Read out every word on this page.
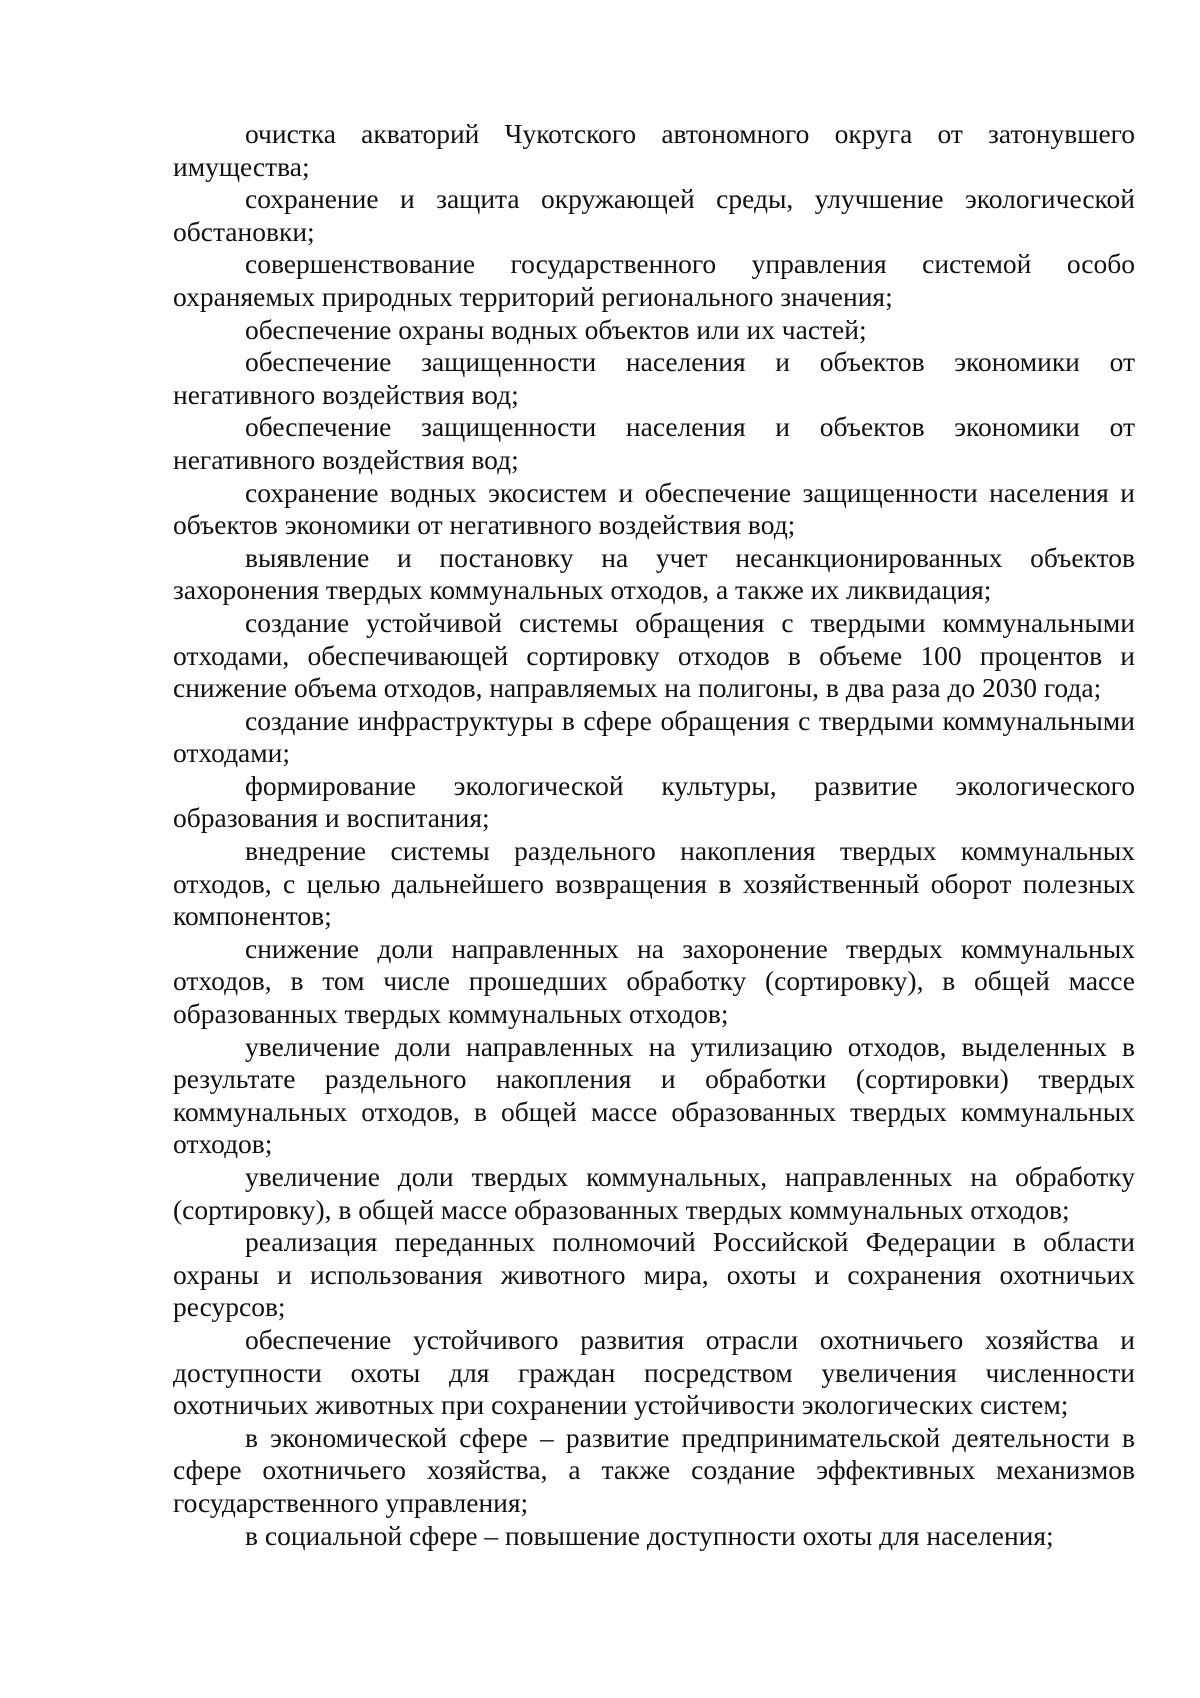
очистка акваторий Чукотского автономного округа от затонувшего имущества;

сохранение и защита окружающей среды, улучшение экологической обстановки;

совершенствование государственного управления системой особо охраняемых природных территорий регионального значения;

обеспечение охраны водных объектов или их частей;

обеспечение защищенности населения и объектов экономики от негативного воздействия вод;

обеспечение защищенности населения и объектов экономики от негативного воздействия вод;

сохранение водных экосистем и обеспечение защищенности населения и объектов экономики от негативного воздействия вод;

выявление и постановку на учет несанкционированных объектов захоронения твердых коммунальных отходов, а также их ликвидация;

создание устойчивой системы обращения с твердыми коммунальными отходами, обеспечивающей сортировку отходов в объеме 100 процентов и снижение объема отходов, направляемых на полигоны, в два раза до 2030 года;

создание инфраструктуры в сфере обращения с твердыми коммунальными отходами;

формирование экологической культуры, развитие экологического образования и воспитания;

внедрение системы раздельного накопления твердых коммунальных отходов, с целью дальнейшего возвращения в хозяйственный оборот полезных компонентов;

снижение доли направленных на захоронение твердых коммунальных отходов, в том числе прошедших обработку (сортировку), в общей массе образованных твердых коммунальных отходов;

увеличение доли направленных на утилизацию отходов, выделенных в результате раздельного накопления и обработки (сортировки) твердых коммунальных отходов, в общей массе образованных твердых коммунальных отходов;

увеличение доли твердых коммунальных, направленных на обработку (сортировку), в общей массе образованных твердых коммунальных отходов;

реализация переданных полномочий Российской Федерации в области охраны и использования животного мира, охоты и сохранения охотничьих ресурсов;

обеспечение устойчивого развития отрасли охотничьего хозяйства и доступности охоты для граждан посредством увеличения численности охотничьих животных при сохранении устойчивости экологических систем;

в экономической сфере – развитие предпринимательской деятельности в сфере охотничьего хозяйства, а также создание эффективных механизмов государственного управления;

в социальной сфере – повышение доступности охоты для населения;
